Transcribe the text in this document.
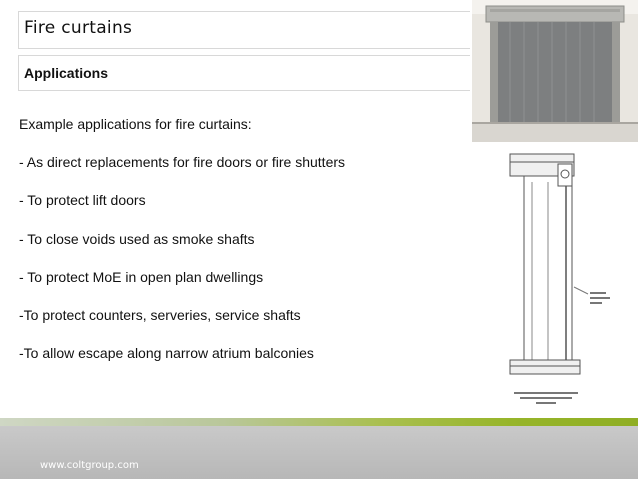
Fire curtains
Applications
Example applications for fire curtains:
- As direct replacements for fire doors or fire shutters
- To protect lift doors
- To close voids used as smoke shafts
- To protect MoE in open plan dwellings
-To protect counters, serveries, service shafts
-To allow escape along narrow atrium balconies
www.coltgroup.com
